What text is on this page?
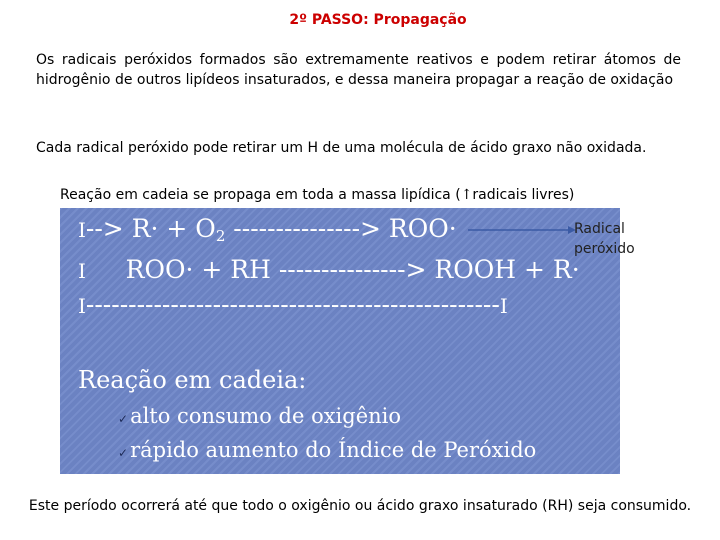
2º PASSO: Propagação
Os radicais peróxidos formados são extremamente reativos e podem retirar átomos de hidrogênio de outros lipídeos insaturados, e dessa maneira propagar a reação de oxidação
Cada radical peróxido pode retirar um H de uma molécula de ácido graxo não oxidada.
Reação em cadeia se propaga em toda a massa lipídica (↑radicais livres)
$I--> R\cdot + O_2$ ---------------> ROO·
I ROO· + RH ---------------> ROOH + R·
I-------------------------------------------------I
Reação em cadeia:
✓alto consumo de oxigênio
✓rápido aumento do Índice de Peróxido
Radical
peróxido
Este período ocorrerá até que todo o oxigênio ou ácido graxo insaturado (RH) seja consumido.
